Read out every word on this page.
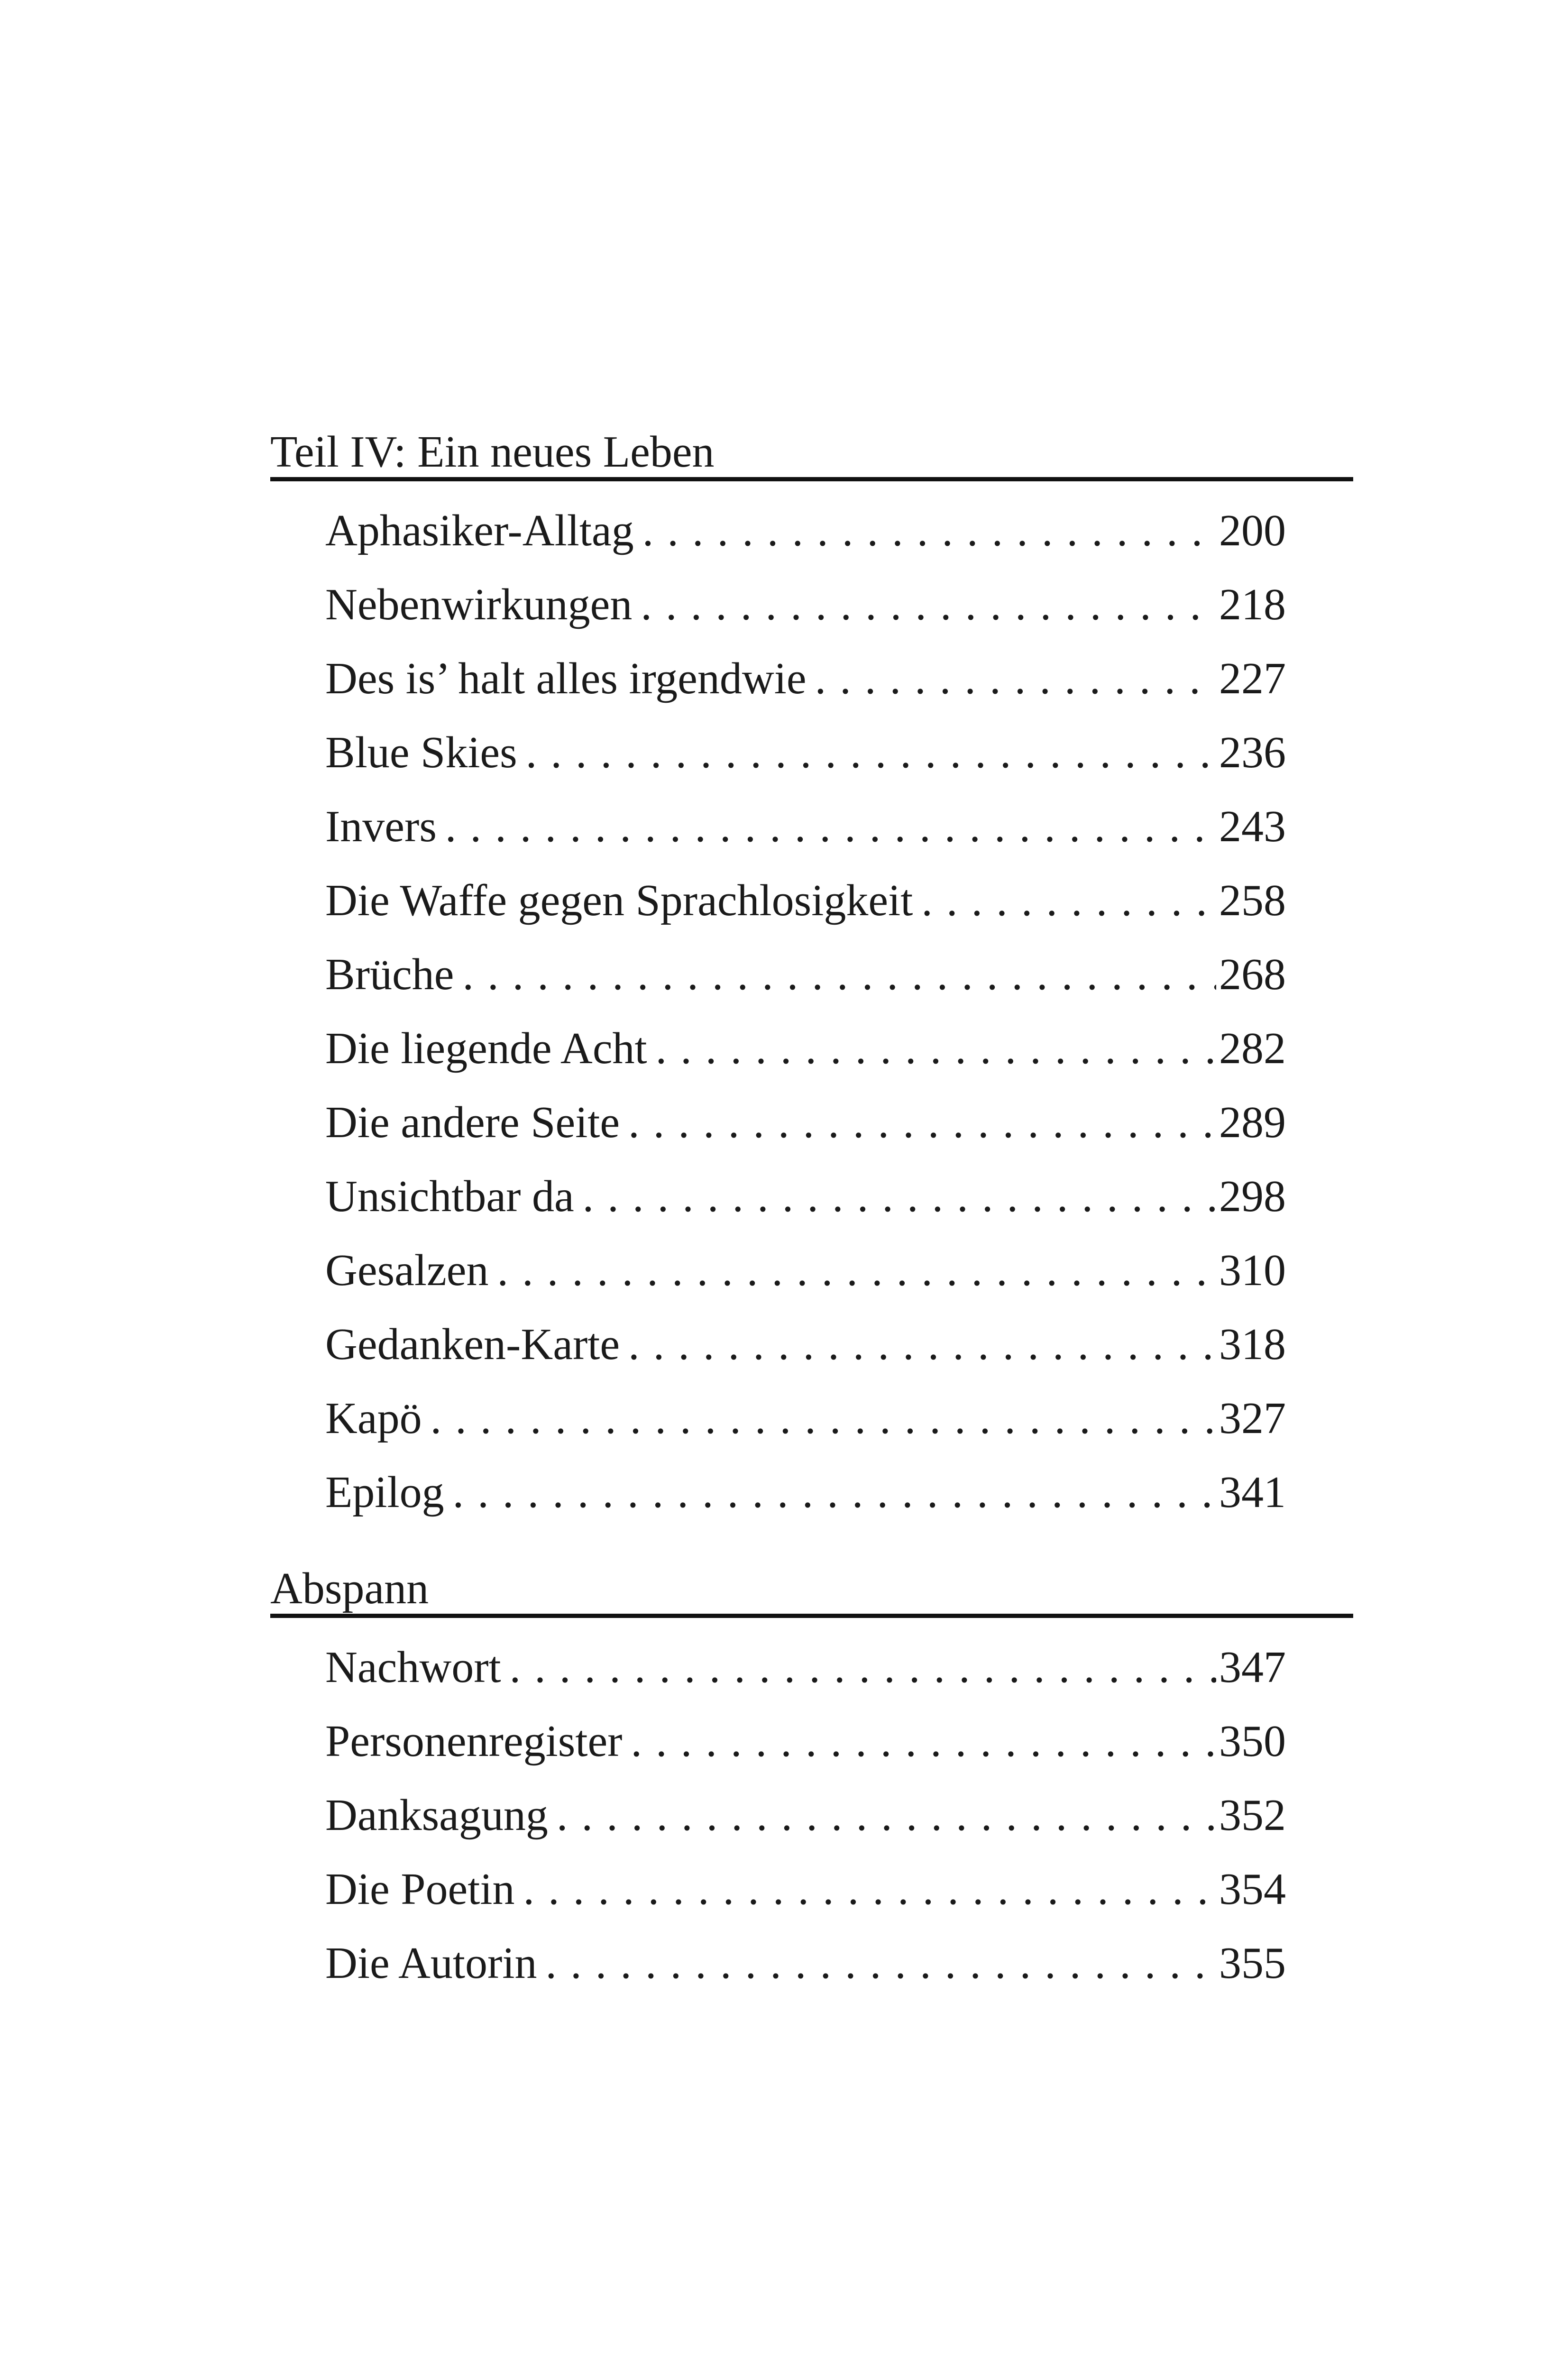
Teil IV: Ein neues Leben
Aphasiker-Alltag . . .	200
Nebenwirkungen . . .	218
Des is’ halt alles irgendwie . . .	227
Blue Skies . . .	236
Invers . . .	243
Die Waffe gegen Sprachlosigkeit . . .	258
Brüche . . .	268
Die liegende Acht . . .	282
Die andere Seite . . .	289
Unsichtbar da . . .	298
Gesalzen . . .	310
Gedanken-Karte . . .	318
Kapö . . .	327
Epilog . . .	341
Abspann
Nachwort . . .	347
Personenregister . . .	350
Danksagung . . .	352
Die Poetin . . .	354
Die Autorin . . .	355
